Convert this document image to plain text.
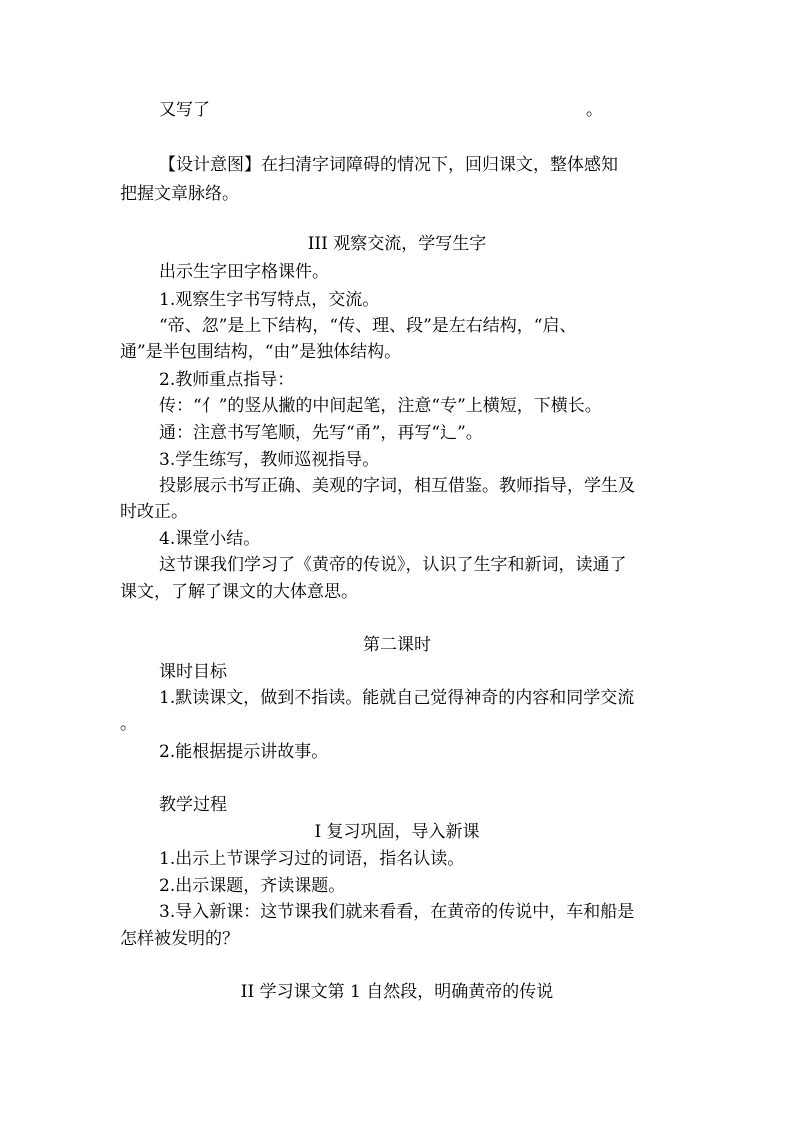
又写了	。
【设计意图】在扫清字词障碍的情况下，回归课文，整体感知
把握文章脉络。
III 观察交流，学写生字
出示生字田字格课件。
1.观察生字书写特点，交流。
“帝、忽”是上下结构，“传、理、段”是左右结构，“启、
通”是半包围结构，“由”是独体结构。
2.教师重点指导：
传：“亻”的竖从撇的中间起笔，注意“专”上横短，下横长。
通：注意书写笔顺，先写“甬”，再写“辶”。
3.学生练写，教师巡视指导。
投影展示书写正确、美观的字词，相互借鉴。教师指导，学生及
时改正。
4.课堂小结。
这节课我们学习了《黄帝的传说》，认识了生字和新词，读通了
课文，了解了课文的大体意思。
第二课时
课时目标
1.默读课文，做到不指读。能就自己觉得神奇的内容和同学交流
。
2.能根据提示讲故事。
教学过程
I 复习巩固，导入新课
1.出示上节课学习过的词语，指名认读。
2.出示课题，齐读课题。
3.导入新课：这节课我们就来看看，在黄帝的传说中，车和船是
怎样被发明的？
II 学习课文第 1 自然段，明确黄帝的传说
